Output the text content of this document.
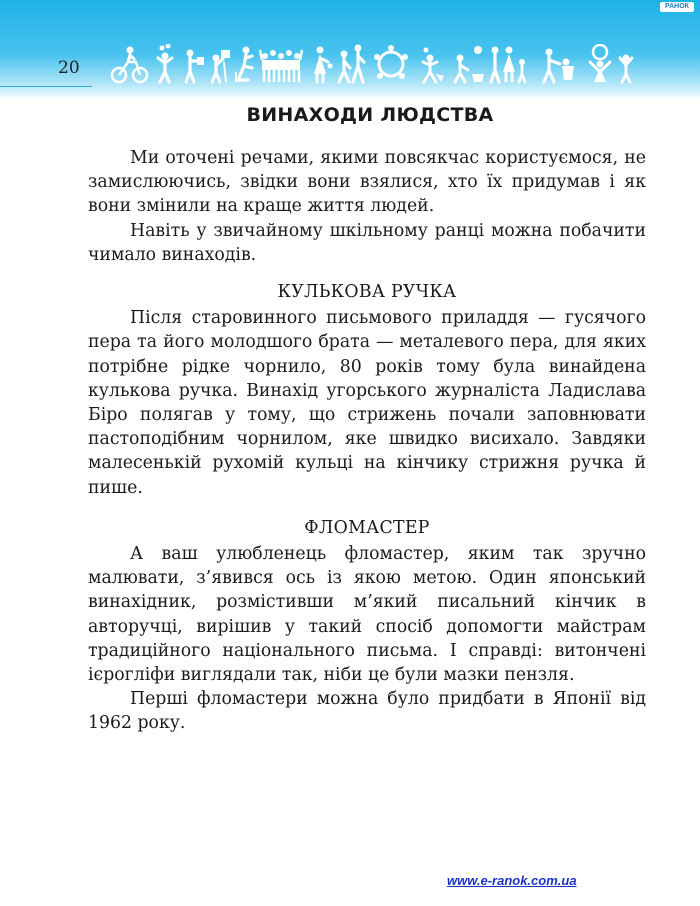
20
РАНОК
ВИНАХОДИ ЛЮДСТВА

Ми оточені речами, якими повсякчас користуємося, не замислюючись, звідки вони взялися, хто їх придумав і як вони змінили на краще життя людей.

Навіть у звичайному шкільному ранці можна побачити чимало винаходів.

КУЛЬКОВА РУЧКА

Після старовинного письмового приладдя — гусячого пера та його молодшого брата — металевого пера, для яких потрібне рідке чорнило, 80 років тому була винайдена кулькова ручка. Винахід угорського журналіста Ладислава Біро полягав у тому, що стрижень почали заповнювати пастоподібним чорнилом, яке швидко висихало. Завдяки малесенькій рухомій кульці на кінчику стрижня ручка й пише.

ФЛОМАСТЕР

А ваш улюбленець фломастер, яким так зручно малювати, з’явився ось із якою метою. Один японський винахідник, розмістивши м’який писальний кінчик в авторучці, вирішив у такий спосіб допомогти майстрам традиційного національного письма. І справді: витончені ієрогліфи виглядали так, ніби це були мазки пензля.

Перші фломастери можна було придбати в Японії від 1962 року.

www.e-ranok.com.ua
